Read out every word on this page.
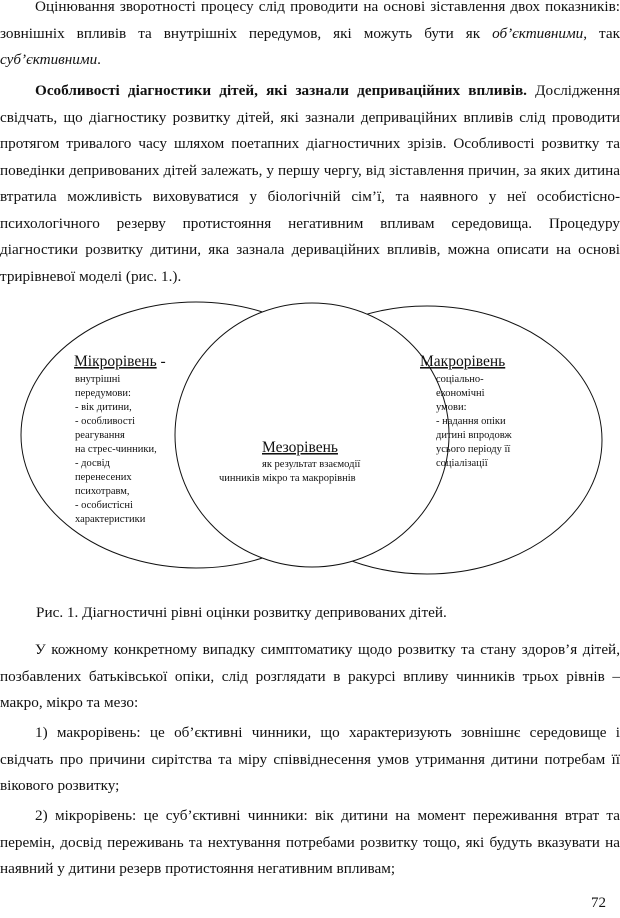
Оцінювання зворотності процесу слід проводити на основі зіставлення двох показників: зовнішніх впливів та внутрішніх передумов, які можуть бути як об’єктивними, так суб’єктивними.

Особливості діагностики дітей, які зазнали деприваційних впливів. Дослідження свідчать, що діагностику розвитку дітей, які зазнали деприваційних впливів слід проводити протягом тривалого часу шляхом поетапних діагностичних зрізів. Особливості розвитку та поведінки депривованих дітей залежать, у першу чергу, від зіставлення причин, за яких дитина втратила можливість виховуватися у біологічній сім’ї, та наявного у неї особистісно-психологічного резерву протистояння негативним впливам середовища. Процедуру діагностики розвитку дитини, яка зазнала дериваційних впливів, можна описати на основі трирівневої моделі (рис. 1.).

Мікрорівень -
внутрішні
передумови:
- вік дитини,
- особливості
реагування
на стрес-чинники,
- досвід
перенесених
психотравм,
- особистісні
характеристики
Макрорівень
соціально-
економічні
умови:
- надання опіки
дитині впродовж
усього періоду її
соціалізації
Мезорівень
як результат взаємодії
чинників мікро та макрорівнів

Рис. 1. Діагностичні рівні оцінки розвитку депривованих дітей.

У кожному конкретному випадку симптоматику щодо розвитку та стану здоров’я дітей, позбавлених батьківської опіки, слід розглядати в ракурсі впливу чинників трьох рівнів – макро, мікро та мезо:

1) макрорівень: це об’єктивні чинники, що характеризують зовнішнє середовище і свідчать про причини сирітства та міру співвіднесення умов утримання дитини потребам її вікового розвитку;

2) мікрорівень: це суб’єктивні чинники: вік дитини на момент переживання втрат та перемін, досвід переживань та нехтування потребами розвитку тощо, які будуть вказувати на наявний у дитини резерв протистояння негативним впливам;

72
